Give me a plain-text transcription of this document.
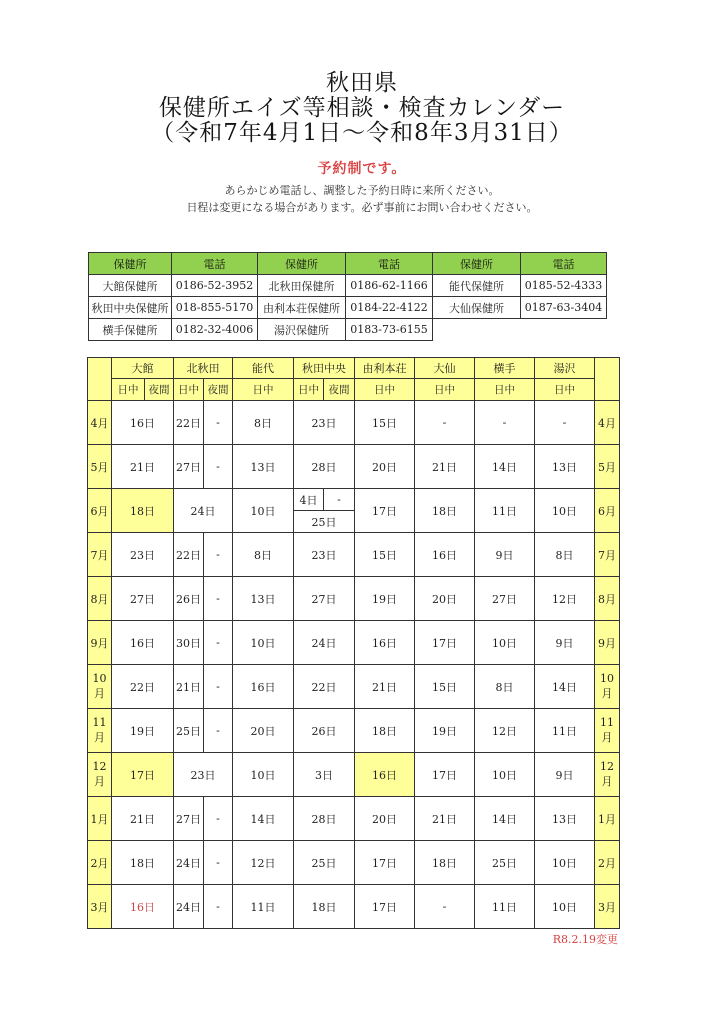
秋田県
保健所エイズ等相談・検査カレンダー
（令和7年4月1日～令和8年3月31日）
予約制です。
あらかじめ電話し、調整した予約日時に来所ください。
日程は変更になる場合があります。必ず事前にお問い合わせください。
保健所	電話	保健所	電話	保健所	電話
大館保健所	0186-52-3952	北秋田保健所	0186-62-1166	能代保健所	0185-52-4333
秋田中央保健所	018-855-5170	由利本荘保健所	0184-22-4122	大仙保健所	0187-63-3404
横手保健所	0182-32-4006	湯沢保健所	0183-73-6155		
	大館		北秋田		能代	秋田中央		由利本荘	大仙	横手	湯沢	
	日中	夜間	日中	夜間	日中	日中	夜間	日中	日中	日中	日中	
4月	16日		22日	-	8日	23日		15日	-	-	-	4月
5月	21日		27日	-	13日	28日		20日	21日	14日	13日	5月
6月	18日		24日		10日	4日	-	17日	18日	11日	10日	6月
						25日						
7月	23日		22日	-	8日	23日		15日	16日	9日	8日	7月
8月	27日		26日	-	13日	27日		19日	20日	27日	12日	8月
9月	16日		30日	-	10日	24日		16日	17日	10日	9日	9月
10月	22日		21日	-	16日	22日		21日	15日	8日	14日	10月
11月	19日		25日	-	20日	26日		18日	19日	12日	11日	11月
12月	17日		23日		10日	3日		16日	17日	10日	9日	12月
1月	21日		27日	-	14日	28日		20日	21日	14日	13日	1月
2月	18日		24日	-	12日	25日		17日	18日	25日	10日	2月
3月	16日		24日	-	11日	18日		17日	-	11日	10日	3月
R8.2.19変更
